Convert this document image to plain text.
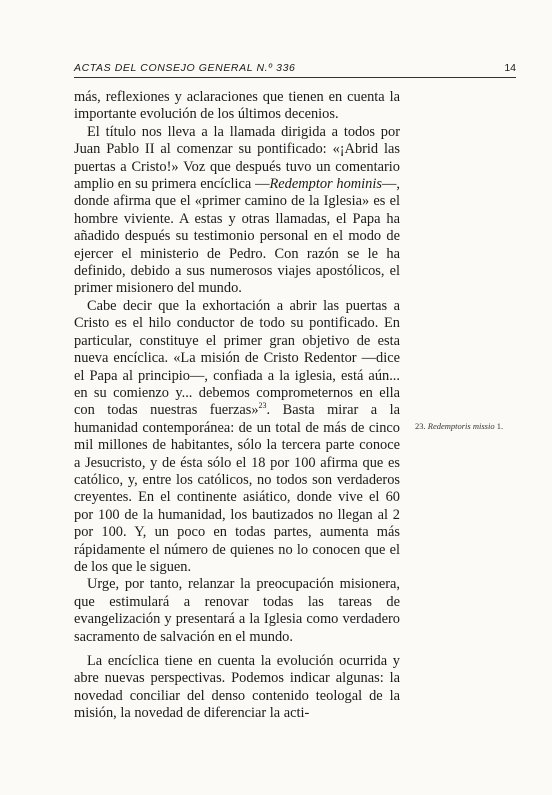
ACTAS DEL CONSEJO GENERAL N.º 336	14

más, reflexiones y aclaraciones que tienen en cuenta la importante evolución de los últimos decenios.

El título nos lleva a la llamada dirigida a todos por Juan Pablo II al comenzar su pontificado: «¡Abrid las puertas a Cristo!» Voz que después tuvo un comentario amplio en su primera encíclica —Redemptor hominis—, donde afirma que el «primer camino de la Iglesia» es el hombre viviente. A estas y otras llamadas, el Papa ha añadido después su testimonio personal en el modo de ejercer el ministerio de Pedro. Con razón se le ha definido, debido a sus numerosos viajes apostólicos, el primer misionero del mundo.

Cabe decir que la exhortación a abrir las puertas a Cristo es el hilo conductor de todo su pontificado. En particular, constituye el primer gran objetivo de esta nueva encíclica. «La misión de Cristo Redentor —dice el Papa al principio—, confiada a la iglesia, está aún... en su comienzo y... debemos comprometernos en ella con todas nuestras fuerzas»$^{23}$. Basta mirar a la humanidad contemporánea: de un total de más de cinco mil millones de habitantes, sólo la tercera parte conoce a Jesucristo, y de ésta sólo el 18 por 100 afirma que es católico, y, entre los católicos, no todos son verdaderos creyentes. En el continente asiático, donde vive el 60 por 100 de la humanidad, los bautizados no llegan al 2 por 100. Y, un poco en todas partes, aumenta más rápidamente el número de quienes no lo conocen que el de los que le siguen.

Urge, por tanto, relanzar la preocupación misionera, que estimulará a renovar todas las tareas de evangelización y presentará a la Iglesia como verdadero sacramento de salvación en el mundo.

La encíclica tiene en cuenta la evolución ocurrida y abre nuevas perspectivas. Podemos indicar algunas: la novedad conciliar del denso contenido teologal de la misión, la novedad de diferenciar la acti-

23. Redemptoris missio 1.
